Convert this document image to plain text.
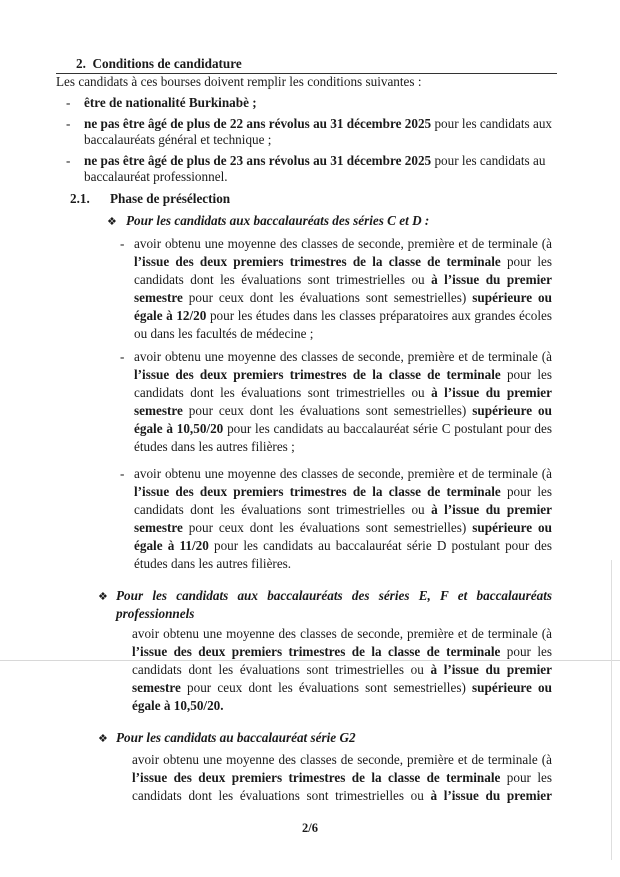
2. Conditions de candidature
Les candidats à ces bourses doivent remplir les conditions suivantes :
- être de nationalité Burkinabè ;
- ne pas être âgé de plus de 22 ans révolus au 31 décembre 2025 pour les candidats aux
baccalauréats général et technique ;
- ne pas être âgé de plus de 23 ans révolus au 31 décembre 2025 pour les candidats au
baccalauréat professionnel.
2.1. Phase de présélection
❖ Pour les candidats aux baccalauréats des séries C et D :
- avoir obtenu une moyenne des classes de seconde, première et de terminale (à
l’issue des deux premiers trimestres de la classe de terminale pour les
candidats dont les évaluations sont trimestrielles ou à l’issue du premier
semestre pour ceux dont les évaluations sont semestrielles) supérieure ou
égale à 12/20 pour les études dans les classes préparatoires aux grandes écoles
ou dans les facultés de médecine ;
- avoir obtenu une moyenne des classes de seconde, première et de terminale (à
l’issue des deux premiers trimestres de la classe de terminale pour les
candidats dont les évaluations sont trimestrielles ou à l’issue du premier
semestre pour ceux dont les évaluations sont semestrielles) supérieure ou
égale à 10,50/20 pour les candidats au baccalauréat série C postulant pour des
études dans les autres filières ;
- avoir obtenu une moyenne des classes de seconde, première et de terminale (à
l’issue des deux premiers trimestres de la classe de terminale pour les
candidats dont les évaluations sont trimestrielles ou à l’issue du premier
semestre pour ceux dont les évaluations sont semestrielles) supérieure ou
égale à 11/20 pour les candidats au baccalauréat série D postulant pour des
études dans les autres filières.
❖ Pour les candidats aux baccalauréats des séries E, F et baccalauréats
professionnels
avoir obtenu une moyenne des classes de seconde, première et de terminale (à
l’issue des deux premiers trimestres de la classe de terminale pour les
candidats dont les évaluations sont trimestrielles ou à l’issue du premier
semestre pour ceux dont les évaluations sont semestrielles) supérieure ou
égale à 10,50/20.
❖ Pour les candidats au baccalauréat série G2
avoir obtenu une moyenne des classes de seconde, première et de terminale (à
l’issue des deux premiers trimestres de la classe de terminale pour les
candidats dont les évaluations sont trimestrielles ou à l’issue du premier
2/6
